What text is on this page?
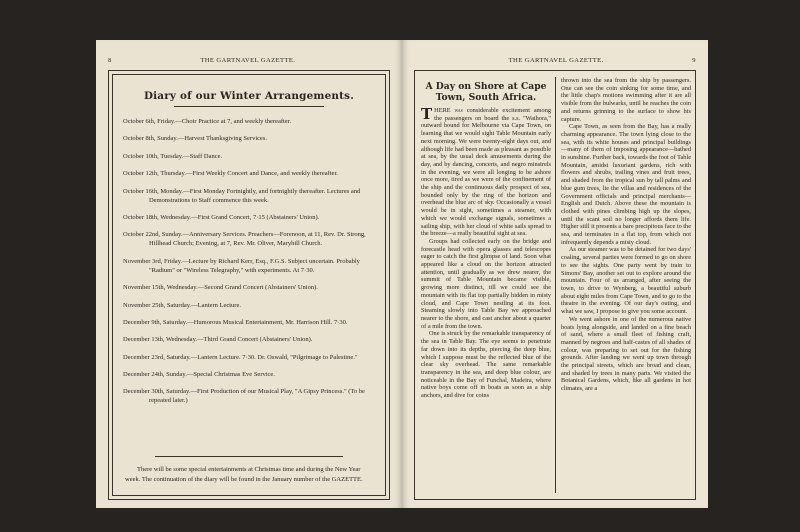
8	THE GARTNAVEL GAZETTE.
Diary of our Winter Arrangements.
October 6th, Friday.—Choir Practice at 7, and weekly thereafter.
October 8th, Sunday.—Harvest Thanksgiving Services.
October 10th, Tuesday.—Staff Dance.
October 12th, Thursday.—First Weekly Concert and Dance, and weekly thereafter.
October 16th, Monday.—First Monday Fortnightly, and fortnightly thereafter. Lectures and Demonstrations to Staff commence this week.
October 18th, Wednesday.—First Grand Concert, 7·15 (Abstainers' Union).
October 22nd, Sunday.—Anniversary Services. Preachers—Forenoon, at 11, Rev. Dr. Strong, Hillhead Church; Evening, at 7, Rev. Mr. Oliver, Maryhill Church.
November 3rd, Friday.—Lecture by Richard Kerr, Esq., F.G.S. Subject uncertain. Probably "Radium" or "Wireless Telegraphy," with experiments. At 7·30.
November 15th, Wednesday.—Second Grand Concert (Abstainers' Union).
November 25th, Saturday.—Lantern Lecture.
December 9th, Saturday.—Humorous Musical Entertainment, Mr. Harrison Hill. 7·30.
December 13th, Wednesday.—Third Grand Concert (Abstainers' Union).
December 23rd, Saturday.—Lantern Lecture. 7·30. Dr. Oswald, "Pilgrimage to Palestine."
December 24th, Sunday.—Special Christmas Eve Service.
December 30th, Saturday.—First Production of our Musical Play, "A Gipsy Princess." (To be repeated later.)
There will be some special entertainments at Christmas time and during the New Year week. The continuation of the diary will be found in the January number of the GAZETTE.
THE GARTNAVEL GAZETTE.	9
A Day on Shore at Cape Town, South Africa.

THERE was considerable excitement among the passengers on board the s.s. "Waihora," outward bound for Melbourne via Cape Town, on learning that we would sight Table Mountain early next morning. We were twenty-eight days out, and although life had been made as pleasant as possible at sea, by the usual deck amusements during the day, and by dancing, concerts, and negro minstrels in the evening, we were all longing to be ashore once more, tired as we were of the confinement of the ship and the continuous daily prospect of sea, bounded only by the ring of the horizon and overhead the blue arc of sky. Occasionally a vessel would be in sight, sometimes a steamer, with which we would exchange signals, sometimes a sailing ship, with her cloud of white sails spread to the breeze—a really beautiful sight at sea.

Groups had collected early on the bridge and forecastle head with opera glasses and telescopes eager to catch the first glimpse of land. Soon what appeared like a cloud on the horizon attracted attention, until gradually as we drew nearer, the summit of Table Mountain became visible, growing more distinct, till we could see the mountain with its flat top partially hidden in misty cloud, and Cape Town nestling at its foot. Steaming slowly into Table Bay we approached nearer to the shore, and cast anchor about a quarter of a mile from the town.

One is struck by the remarkable transparency of the sea in Table Bay. The eye seems to penetrate far down into its depths, piercing the deep blue, which I suppose must be the reflected blue of the clear sky overhead. The same remarkable transparency in the sea, and deep blue colour, are noticeable in the Bay of Funchal, Madeira, where native boys come off in boats as soon as a ship anchors, and dive for coins

thrown into the sea from the ship by passengers. One can see the coin sinking for some time, and the little chap's motions swimming after it are all visible from the bulwarks, until he reaches the coin and returns grinning to the surface to show his capture.

Cape Town, as seen from the Bay, has a really charming appearance. The town lying close to the sea, with its white houses and principal buildings—many of them of imposing appearance—bathed in sunshine. Further back, towards the foot of Table Mountain, amidst luxuriant gardens, rich with flowers and shrubs, trailing vines and fruit trees, and shaded from the tropical sun by tall palms and blue gum trees, lie the villas and residences of the Government officials and principal merchants—English and Dutch. Above these the mountain is clothed with pines climbing high up the slopes, until the scant soil no longer affords them life. Higher still it presents a bare precipitous face to the sea, and terminates in a flat top, from which not infrequently depends a misty cloud.

As our steamer was to be detained for two days' coaling, several parties were formed to go on shore to see the sights. One party went by train to Simons' Bay, another set out to explore around the mountain. Four of us arranged, after seeing the town, to drive to Wynberg, a beautiful suburb about eight miles from Cape Town, and to go to the theatre in the evening. Of our day's outing, and what we saw, I propose to give you some account.

We went ashore in one of the numerous native boats lying alongside, and landed on a fine beach of sand, where a small fleet of fishing craft, manned by negroes and half-castes of all shades of colour, was preparing to set out for the fishing grounds. After landing we went up town through the principal streets, which are broad and clean, and shaded by trees in many parts. We visited the Botanical Gardens, which, like all gardens in hot climates, are a
